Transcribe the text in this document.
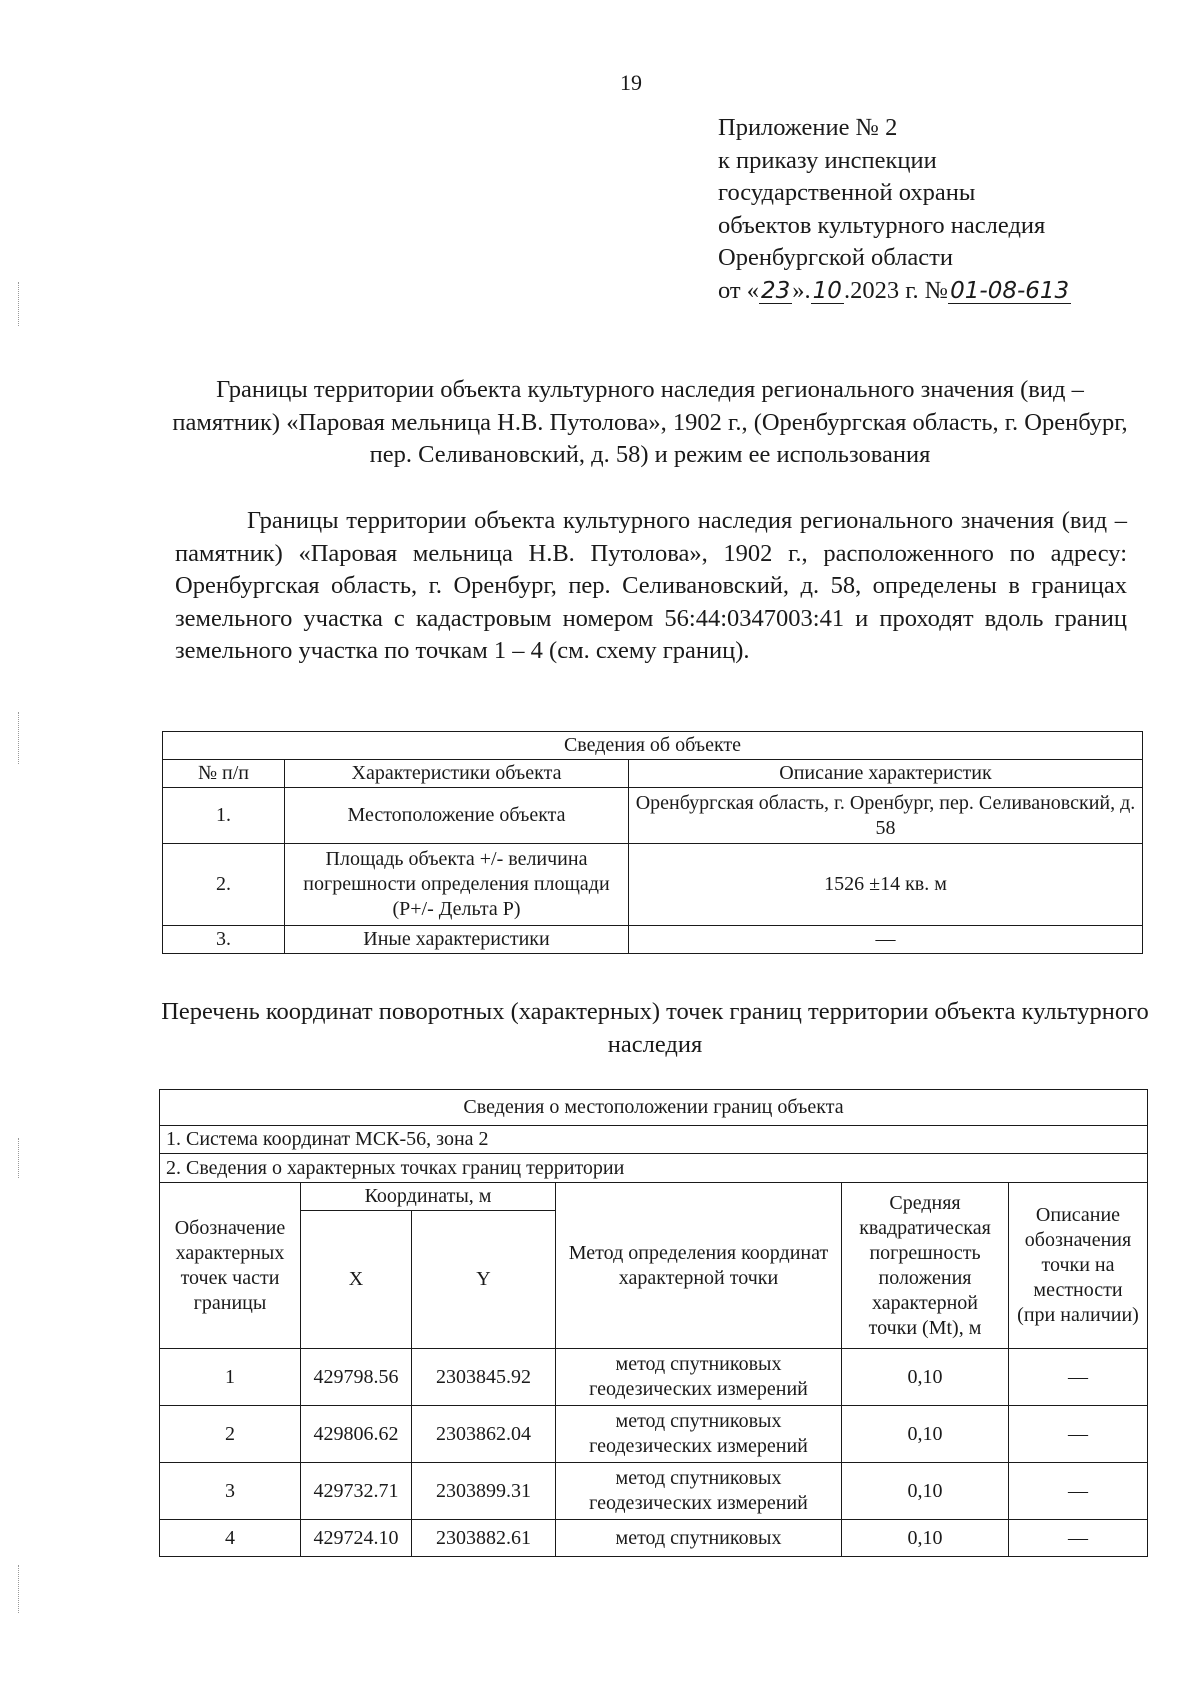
19
Приложение № 2
к приказу инспекции
государственной охраны
объектов культурного наследия
Оренбургской области
от «23».10.2023 г. №01-08-613
Границы территории объекта культурного наследия регионального значения (вид – памятник) «Паровая мельница Н.В. Путолова», 1902 г., (Оренбургская область, г. Оренбург, пер. Селивановский, д. 58) и режим ее использования
Границы территории объекта культурного наследия регионального значения (вид – памятник) «Паровая мельница Н.В. Путолова», 1902 г., расположенного по адресу: Оренбургская область, г. Оренбург, пер. Селивановский, д. 58, определены в границах земельного участка с кадастровым номером 56:44:0347003:41 и проходят вдоль границ земельного участка по точкам 1 – 4 (см. схему границ).
Сведения об объекте		
№ п/п	Характеристики объекта	Описание характеристик
1.	Местоположение объекта	Оренбургская область, г. Оренбург, пер. Селивановский, д. 58
2.	Площадь объекта +/- величина погрешности определения площади (P+/- Дельта P)	1526 ±14 кв. м
3.	Иные характеристики	—
Перечень координат поворотных (характерных) точек границ территории объекта культурного наследия
Сведения о местоположении границ объекта					
1. Система координат МСК-56, зона 2					
2. Сведения о характерных точках границ территории					
Обозначение характерных точек части границы	Координаты, м		Метод определения координат характерной точки	Средняя квадратическая погрешность положения характерной точки (Mt), м	Описание обозначения точки на местности (при наличии)
	X	Y			
1	429798.56	2303845.92	метод спутниковых геодезических измерений	0,10	—
2	429806.62	2303862.04	метод спутниковых геодезических измерений	0,10	—
3	429732.71	2303899.31	метод спутниковых геодезических измерений	0,10	—
4	429724.10	2303882.61	метод спутниковых	0,10	—
